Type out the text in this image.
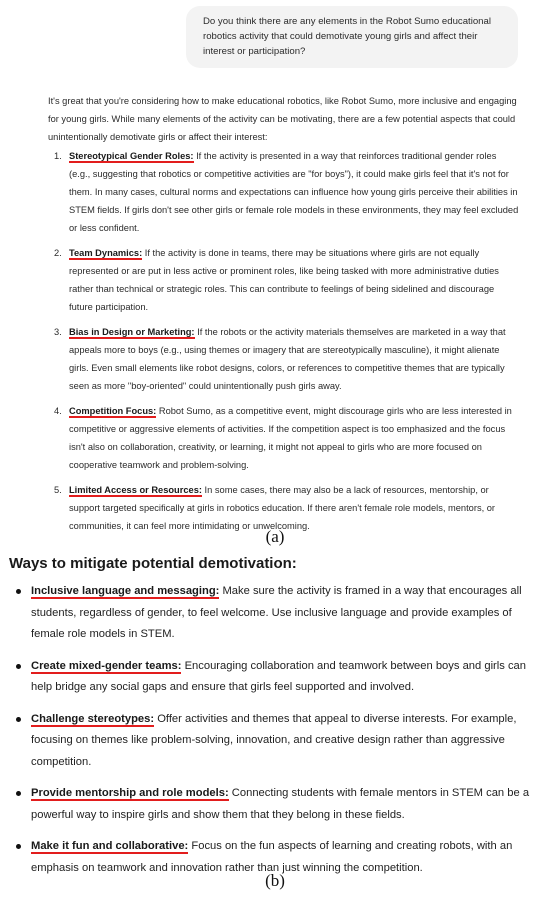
Do you think there are any elements in the Robot Sumo educational robotics activity that could demotivate young girls and affect their interest or participation?

It's great that you're considering how to make educational robotics, like Robot Sumo, more inclusive and engaging for young girls. While many elements of the activity can be motivating, there are a few potential aspects that could unintentionally demotivate girls or affect their interest:

1. Stereotypical Gender Roles: If the activity is presented in a way that reinforces traditional gender roles (e.g., suggesting that robotics or competitive activities are "for boys"), it could make girls feel that it's not for them. In many cases, cultural norms and expectations can influence how young girls perceive their abilities in STEM fields. If girls don't see other girls or female role models in these environments, they may feel excluded or less confident.
2. Team Dynamics: If the activity is done in teams, there may be situations where girls are not equally represented or are put in less active or prominent roles, like being tasked with more administrative duties rather than technical or strategic roles. This can contribute to feelings of being sidelined and discourage future participation.
3. Bias in Design or Marketing: If the robots or the activity materials themselves are marketed in a way that appeals more to boys (e.g., using themes or imagery that are stereotypically masculine), it might alienate girls. Even small elements like robot designs, colors, or references to competitive themes that are typically seen as more "boy-oriented" could unintentionally push girls away.
4. Competition Focus: Robot Sumo, as a competitive event, might discourage girls who are less interested in competitive or aggressive elements of activities. If the competition aspect is too emphasized and the focus isn't also on collaboration, creativity, or learning, it might not appeal to girls who are more focused on cooperative teamwork and problem-solving.
5. Limited Access or Resources: In some cases, there may also be a lack of resources, mentorship, or support targeted specifically at girls in robotics education. If there aren't female role models, mentors, or communities, it can feel more intimidating or unwelcoming.
(a)
Ways to mitigate potential demotivation:
Inclusive language and messaging: Make sure the activity is framed in a way that encourages all students, regardless of gender, to feel welcome. Use inclusive language and provide examples of female role models in STEM.
Create mixed-gender teams: Encouraging collaboration and teamwork between boys and girls can help bridge any social gaps and ensure that girls feel supported and involved.
Challenge stereotypes: Offer activities and themes that appeal to diverse interests. For example, focusing on themes like problem-solving, innovation, and creative design rather than aggressive competition.
Provide mentorship and role models: Connecting students with female mentors in STEM can be a powerful way to inspire girls and show them that they belong in these fields.
Make it fun and collaborative: Focus on the fun aspects of learning and creating robots, with an emphasis on teamwork and innovation rather than just winning the competition.
(b)
